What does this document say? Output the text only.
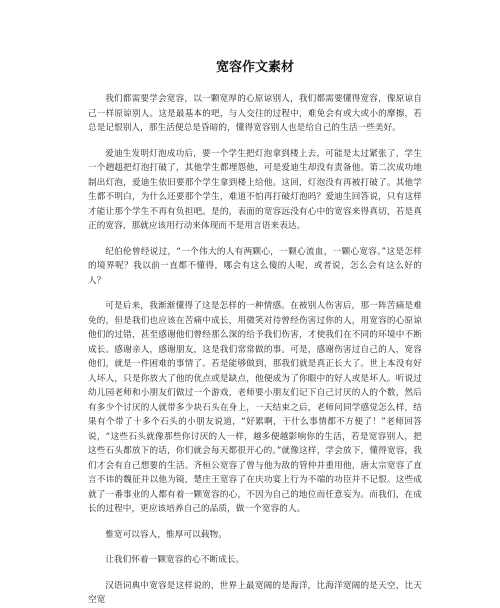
宽容作文素材

我们都需要学会宽容，以一颗宽厚的心原谅别人，我们都需要懂得宽容，像原谅自己一样原谅别人。这是最基本的吧，与人交往的过程中，难免会有或大或小的摩擦，若总是记恨别人，那生活便总是昏暗的，懂得宽容别人也是给自己的生活一些美好。

爱迪生发明灯泡成功后，要一个学生把灯泡拿到楼上去，可能是太过紧张了，学生一个趔趄把灯泡打破了，其他学生都埋怨他，可是爱迪生却没有责备他。第二次成功地制出灯泡，爱迪生依旧要那个学生拿到楼上给他。这回，灯泡没有再被打破了。其他学生都不明白，为什么还要那个学生，难道不怕再打破灯泡吗？爱迪生回答说，只有这样才能让那个学生不再有负担吧。是的，表面的宽容远没有心中的宽容来得真切，若是真正的宽容，那就应该用行动来体现而不是用言语来表达。

纪伯伦曾经说过，“一个伟大的人有两颗心，一颗心流血，一颗心宽容。”这是怎样的境界呢？我以前一直都不懂得，哪会有这么傻的人呢，或者说，怎么会有这么好的人？

可是后来，我渐渐懂得了这是怎样的一种情感。在被别人伤害后，那一阵苦痛是难免的，但是我们也应该在苦痛中成长，用微笑对待曾经伤害过你的人，用宽容的心原谅他们的过错，甚至感谢他们曾经那么深的给予我们伤害，才使我们在不同的环境中不断成长。感谢亲人，感谢朋友，这是我们常常做的事。可是，感谢伤害过自己的人，宽容他们，就是一件困难的事情了。若是能够做到，那我们就是真正长大了。世上本没有好人坏人，只是你放大了他的优点或是缺点，他便成为了你眼中的好人或是坏人。听说过幼儿园老师和小朋友们做过一个游戏，老师要小朋友们记下自己讨厌的人的个数，然后有多少个讨厌的人就带多少块石头在身上，一天结束之后，老师问同学感觉怎么样，结果有个带了十多个石头的小朋友说道，“好累啊，干什么事情都不方便了！”老师回答说，“这些石头就像那些你讨厌的人一样，越多便越影响你的生活，若是宽容别人，把这些石头都放下的话，你们就会每天都很开心的。”就像这样，学会放下，懂得宽容，我们才会有自己想要的生活。齐桓公宽容了曾与他为敌的管仲并重用他，唐太宗宽容了直言不讳的魏征并以他为镜，楚庄王宽容了在庆功宴上行为不端的功臣并不记恨。这些成就了一番事业的人都有着一颗宽容的心，不因为自己的地位而任意妄为。而我们，在成长的过程中，更应该培养自己的品质，做一个宽容的人。

惟宽可以容人，惟厚可以载物。

让我们怀着一颗宽容的心不断成长。

汉语词典中宽容是这样说的，世界上最宽阔的是海洋，比海洋宽阔的是天空，比天空宽
